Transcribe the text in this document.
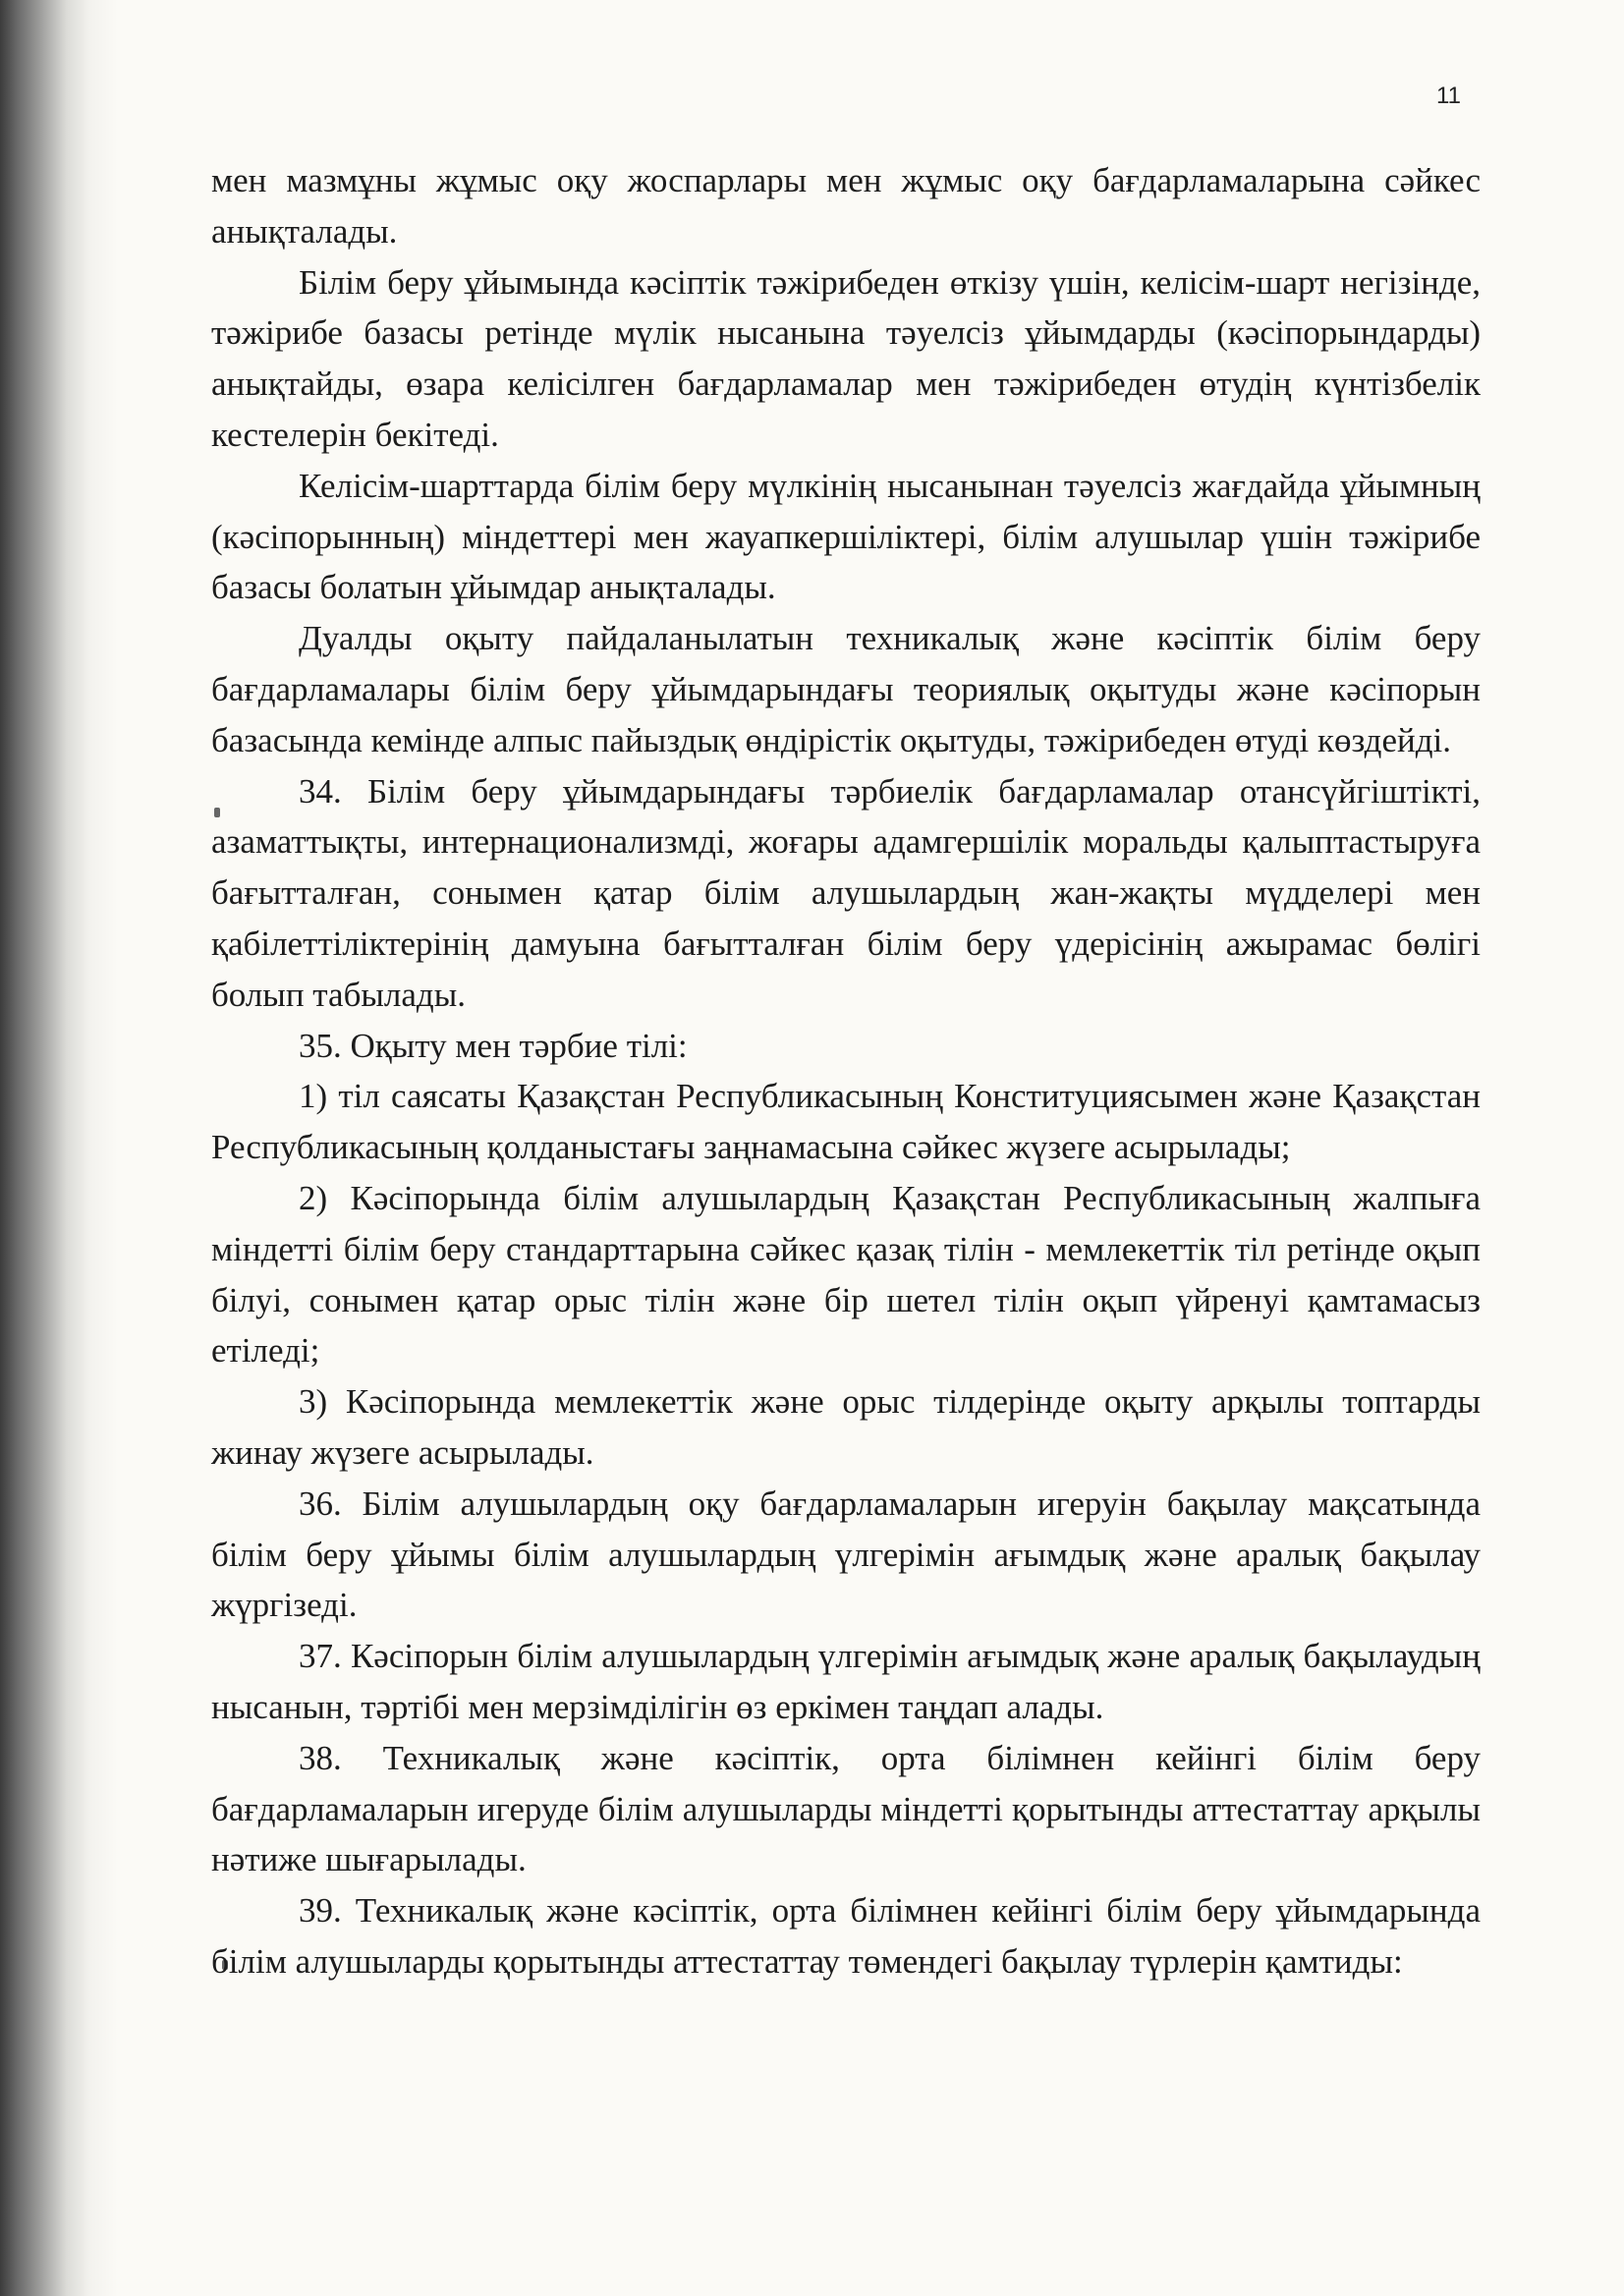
11

мен мазмұны жұмыс оқу жоспарлары мен жұмыс оқу бағдарламаларына сәйкес анықталады.

Білім беру ұйымында кәсіптік тәжірибеден өткізу үшін, келісім-шарт негізінде, тәжірибе базасы ретінде мүлік нысанына тәуелсіз ұйымдарды (кәсіпорындарды) анықтайды, өзара келісілген бағдарламалар мен тәжірибеден өтудің күнтізбелік кестелерін бекітеді.

Келісім-шарттарда білім беру мүлкінің нысанынан тәуелсіз жағдайда ұйымның (кәсіпорынның) міндеттері мен жауапкершіліктері, білім алушылар үшін тәжірибе базасы болатын ұйымдар анықталады.

Дуалды оқыту пайдаланылатын техникалық және кәсіптік білім беру бағдарламалары білім беру ұйымдарындағы теориялық оқытуды және кәсіпорын базасында кемінде алпыс пайыздық өндірістік оқытуды, тәжірибеден өтуді көздейді.

34. Білім беру ұйымдарындағы тәрбиелік бағдарламалар отансүйгіштікті, азаматтықты, интернационализмді, жоғары адамгершілік моральды қалыптастыруға бағытталған, сонымен қатар білім алушылардың жан-жақты мүдделері мен қабілеттіліктерінің дамуына бағытталған білім беру үдерісінің ажырамас бөлігі болып табылады.

35. Оқыту мен тәрбие тілі:

1) тіл саясаты Қазақстан Республикасының Конституциясымен және Қазақстан Республикасының қолданыстағы заңнамасына сәйкес жүзеге асырылады;

2) Кәсіпорында білім алушылардың Қазақстан Республикасының жалпыға міндетті білім беру стандарттарына сәйкес қазақ тілін - мемлекеттік тіл ретінде оқып білуі, сонымен қатар орыс тілін және бір шетел тілін оқып үйренуі қамтамасыз етіледі;

3) Кәсіпорында мемлекеттік және орыс тілдерінде оқыту арқылы топтарды жинау жүзеге асырылады.

36. Білім алушылардың оқу бағдарламаларын игеруін бақылау мақсатында білім беру ұйымы білім алушылардың үлгерімін ағымдық және аралық бақылау жүргізеді.

37. Кәсіпорын білім алушылардың үлгерімін ағымдық және аралық бақылаудың нысанын, тәртібі мен мерзімділігін өз еркімен таңдап алады.

38. Техникалық және кәсіптік, орта білімнен кейінгі білім беру бағдарламаларын игеруде білім алушыларды міндетті қорытынды аттестаттау арқылы нәтиже шығарылады.

39. Техникалық және кәсіптік, орта білімнен кейінгі білім беру ұйымдарында білім алушыларды қорытынды аттестаттау төмендегі бақылау түрлерін қамтиды:
